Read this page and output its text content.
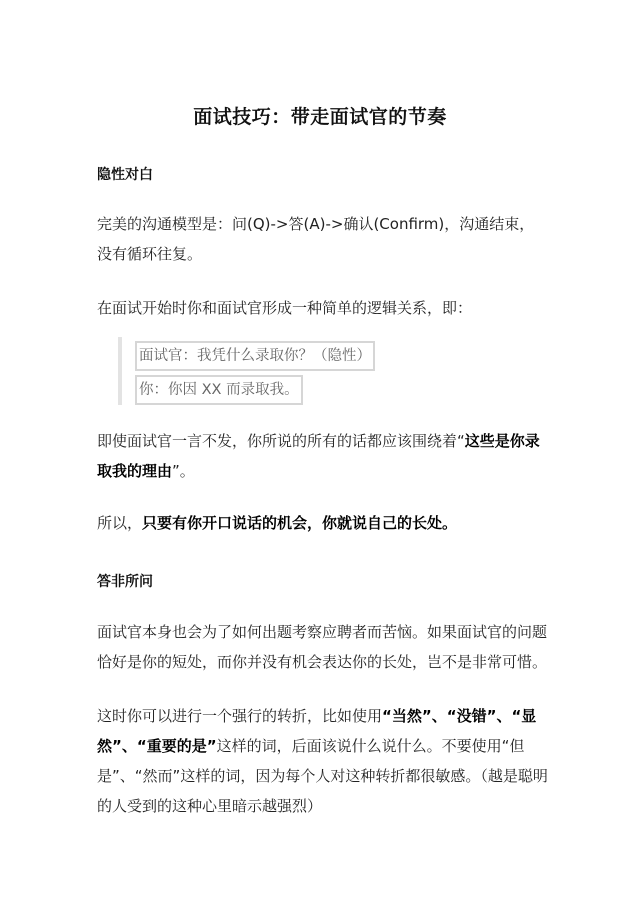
面试技巧：带走面试官的节奏
隐性对白
完美的沟通模型是：问(Q)->答(A)->确认(Confirm)，沟通结束，没有循环往复。
在面试开始时你和面试官形成一种简单的逻辑关系，即：
面试官：我凭什么录取你？（隐性）
你：你因 XX 而录取我。
即使面试官一言不发，你所说的所有的话都应该围绕着“这些是你录取我的理由”。
所以，只要有你开口说话的机会，你就说自己的长处。
答非所问
面试官本身也会为了如何出题考察应聘者而苦恼。如果面试官的问题恰好是你的短处，而你并没有机会表达你的长处，岂不是非常可惜。
这时你可以进行一个强行的转折，比如使用“当然”、“没错”、“显然”、“重要的是”这样的词，后面该说什么说什么。不要使用“但是”、“然而”这样的词，因为每个人对这种转折都很敏感。（越是聪明的人受到的这种心里暗示越强烈）
